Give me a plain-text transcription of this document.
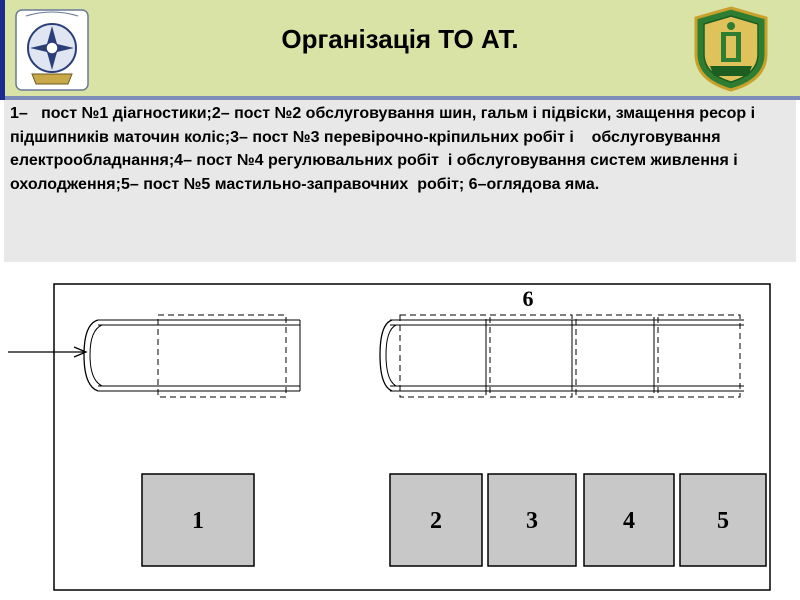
Організація ТО АТ.

1–   пост №1 діагностики;2– пост №2 обслуговування шин, гальм і підвіски, змащення ресор і підшипників маточин коліс;3– пост №3 перевірочно-кріпильних робіт і    обслуговування електрообладнання;4– пост №4 регулювальних робіт  і обслуговування систем живлення і охолодження;5– пост №5 мастильно-заправочних  робіт; 6–оглядова яма.

6
1	2	3	4	5
